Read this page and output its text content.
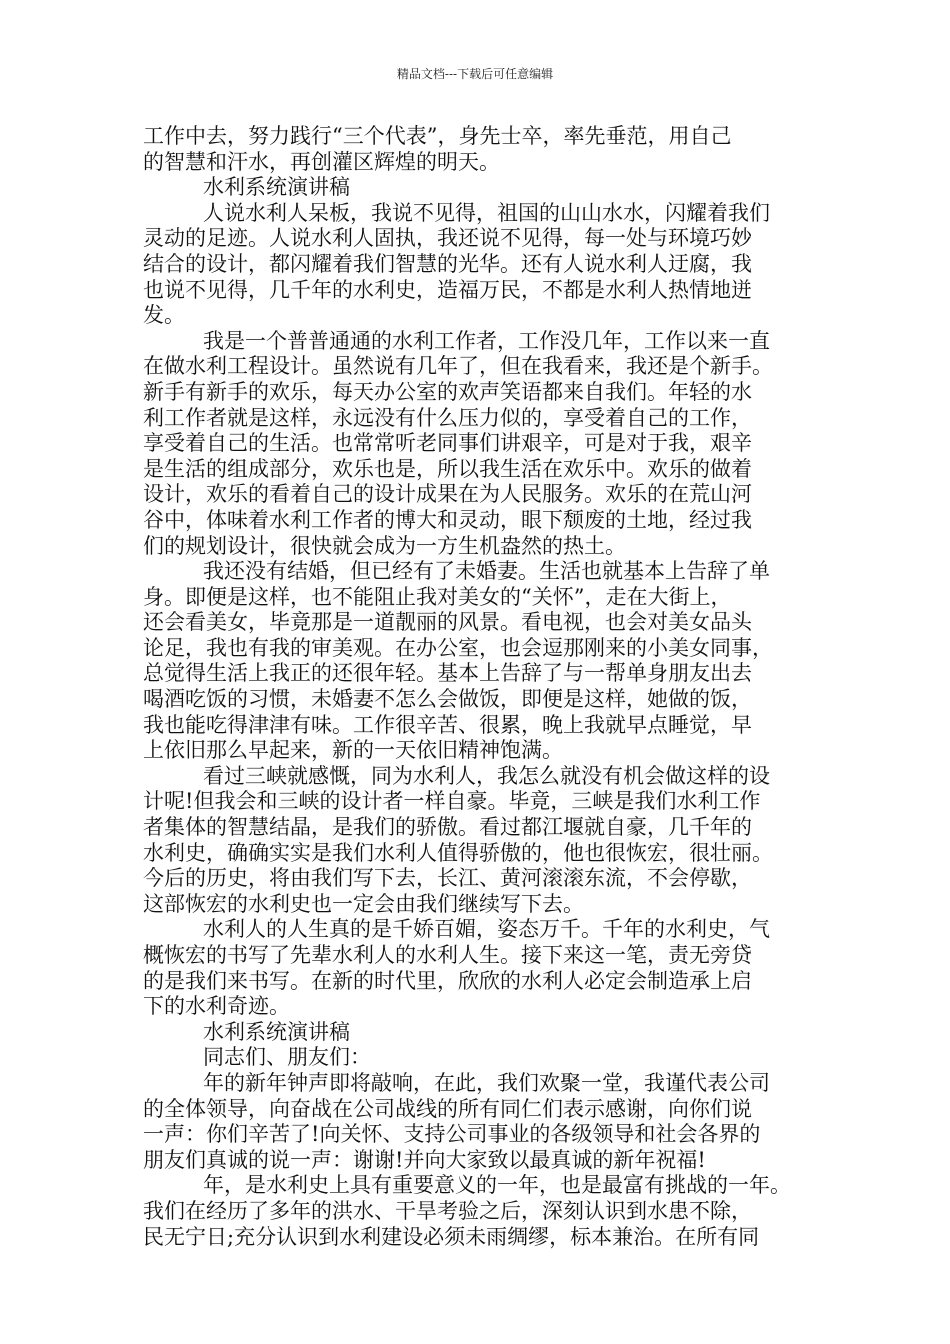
精品文档---下载后可任意编辑
工作中去，努力践行“三个代表”，身先士卒，率先垂范，用自己
的智慧和汗水，再创灌区辉煌的明天。
水利系统演讲稿
人说水利人呆板，我说不见得，祖国的山山水水，闪耀着我们
灵动的足迹。人说水利人固执，我还说不见得，每一处与环境巧妙
结合的设计，都闪耀着我们智慧的光华。还有人说水利人迂腐，我
也说不见得，几千年的水利史，造福万民，不都是水利人热情地迸
发。
我是一个普普通通的水利工作者，工作没几年，工作以来一直
在做水利工程设计。虽然说有几年了，但在我看来，我还是个新手。
新手有新手的欢乐，每天办公室的欢声笑语都来自我们。年轻的水
利工作者就是这样，永远没有什么压力似的，享受着自己的工作，
享受着自己的生活。也常常听老同事们讲艰辛，可是对于我，艰辛
是生活的组成部分，欢乐也是，所以我生活在欢乐中。欢乐的做着
设计，欢乐的看着自己的设计成果在为人民服务。欢乐的在荒山河
谷中，体味着水利工作者的博大和灵动，眼下颓废的土地，经过我
们的规划设计，很快就会成为一方生机盎然的热土。
我还没有结婚，但已经有了未婚妻。生活也就基本上告辞了单
身。即便是这样，也不能阻止我对美女的“关怀”，走在大街上，
还会看美女，毕竟那是一道靓丽的风景。看电视，也会对美女品头
论足，我也有我的审美观。在办公室，也会逗那刚来的小美女同事，
总觉得生活上我正的还很年轻。基本上告辞了与一帮单身朋友出去
喝酒吃饭的习惯，未婚妻不怎么会做饭，即便是这样，她做的饭，
我也能吃得津津有味。工作很辛苦、很累，晚上我就早点睡觉，早
上依旧那么早起来，新的一天依旧精神饱满。
看过三峡就感慨，同为水利人，我怎么就没有机会做这样的设
计呢!但我会和三峡的设计者一样自豪。毕竟，三峡是我们水利工作
者集体的智慧结晶，是我们的骄傲。看过都江堰就自豪，几千年的
水利史，确确实实是我们水利人值得骄傲的，他也很恢宏，很壮丽。
今后的历史，将由我们写下去，长江、黄河滚滚东流，不会停歇，
这部恢宏的水利史也一定会由我们继续写下去。
水利人的人生真的是千娇百媚，姿态万千。千年的水利史，气
概恢宏的书写了先辈水利人的水利人生。接下来这一笔，责无旁贷
的是我们来书写。在新的时代里，欣欣的水利人必定会制造承上启
下的水利奇迹。
水利系统演讲稿
同志们、朋友们：
年的新年钟声即将敲响，在此，我们欢聚一堂，我谨代表公司
的全体领导，向奋战在公司战线的所有同仁们表示感谢，向你们说
一声：你们辛苦了!向关怀、支持公司事业的各级领导和社会各界的
朋友们真诚的说一声：谢谢!并向大家致以最真诚的新年祝福!
年，是水利史上具有重要意义的一年，也是最富有挑战的一年。
我们在经历了多年的洪水、干旱考验之后，深刻认识到水患不除，
民无宁日;充分认识到水利建设必须未雨绸缪，标本兼治。在所有同
